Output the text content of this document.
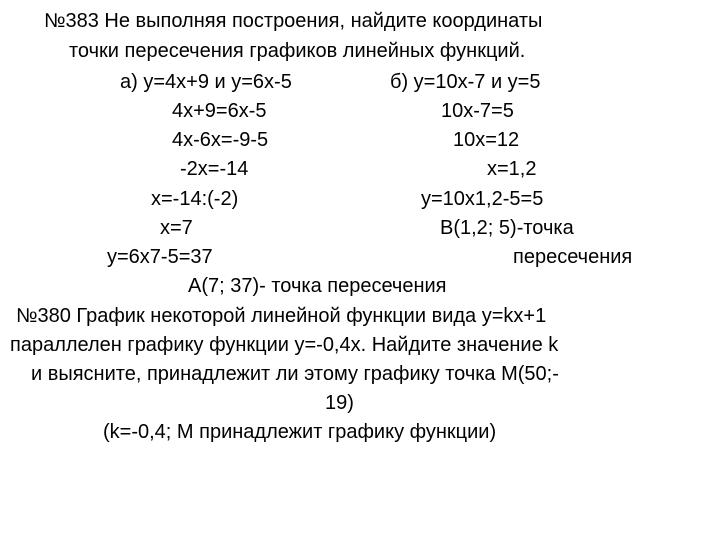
№383 Не выполняя построения, найдите координаты

точки пересечения графиков линейных функций.

а) у=4х+9 и у=6х-5

4х+9=6х-5

4х-6х=-9-5

-2х=-14

х=-14:(-2)

х=7

у=6х7-5=37

А(7; 37)- точка пересечения

б) у=10х-7 и у=5

10х-7=5

10х=12

х=1,2

у=10х1,2-5=5

В(1,2; 5)-точка

пересечения

№380 График некоторой линейной функции вида у=kх+1

параллелен графику функции у=-0,4х. Найдите значение k

и выясните, принадлежит ли этому графику точка М(50;-

19)

(k=-0,4; М принадлежит графику функции)
